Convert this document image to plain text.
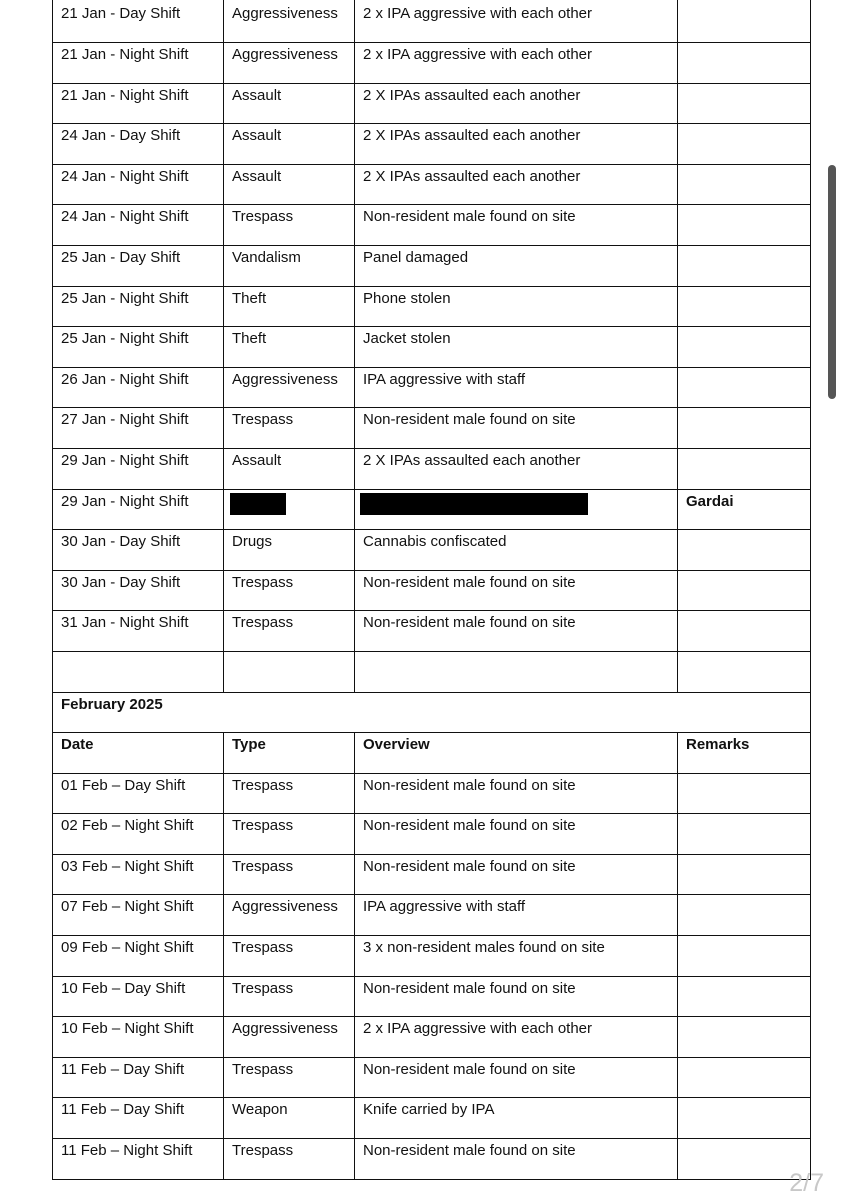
21 Jan - Day Shift	Aggressiveness	2 x IPA aggressive with each other	
21 Jan - Night Shift	Aggressiveness	2 x IPA aggressive with each other	
21 Jan - Night Shift	Assault	2 X IPAs assaulted each another	
24 Jan - Day Shift	Assault	2 X IPAs assaulted each another	
24 Jan - Night Shift	Assault	2 X IPAs assaulted each another	
24 Jan - Night Shift	Trespass	Non-resident male found on site	
25 Jan - Day Shift	Vandalism	Panel damaged	
25 Jan - Night Shift	Theft	Phone stolen	
25 Jan - Night Shift	Theft	Jacket stolen	
26 Jan - Night Shift	Aggressiveness	IPA aggressive with staff	
27 Jan - Night Shift	Trespass	Non-resident male found on site	
29 Jan - Night Shift	Assault	2 X IPAs assaulted each another	
29 Jan - Night Shift			Gardai
30 Jan - Day Shift	Drugs	Cannabis confiscated	
30 Jan - Day Shift	Trespass	Non-resident male found on site	
31 Jan - Night Shift	Trespass	Non-resident male found on site	

February 2025			
Date	Type	Overview	Remarks
01 Feb – Day Shift	Trespass	Non-resident male found on site	
02 Feb – Night Shift	Trespass	Non-resident male found on site	
03 Feb – Night Shift	Trespass	Non-resident male found on site	
07 Feb – Night Shift	Aggressiveness	IPA aggressive with staff	
09 Feb – Night Shift	Trespass	3 x non-resident males found on site	
10 Feb – Day Shift	Trespass	Non-resident male found on site	
10 Feb – Night Shift	Aggressiveness	2 x IPA aggressive with each other	
11 Feb – Day Shift	Trespass	Non-resident male found on site	
11 Feb – Day Shift	Weapon	Knife carried by IPA	
11 Feb – Night Shift	Trespass	Non-resident male found on site	
2/7
